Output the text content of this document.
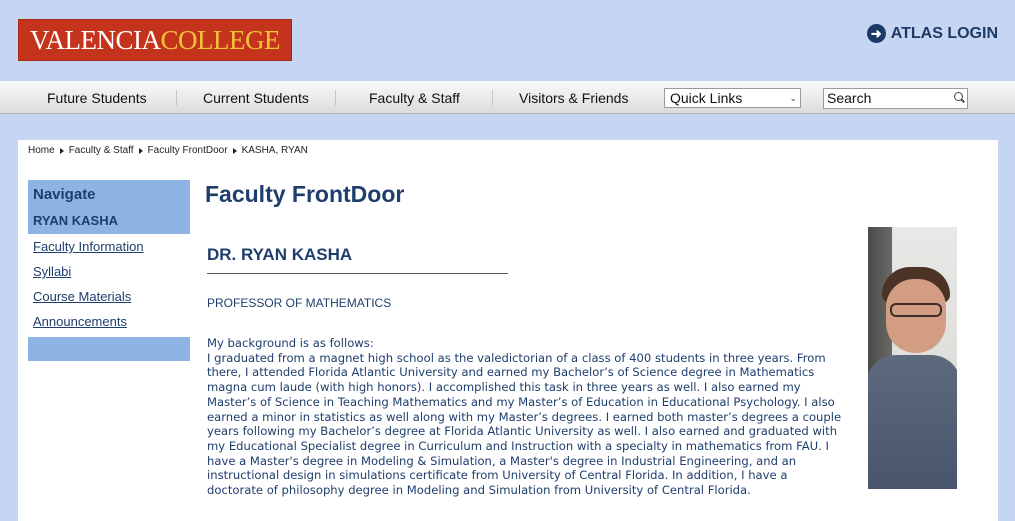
VALENCIA COLLEGE	➜ ATLAS LOGIN
Future Students	Current Students	Faculty & Staff	Visitors & Friends	Quick Links	⌄ Search
Home Faculty & Staff Faculty FrontDoor KASHA, RYAN
Navigate
RYAN KASHA
Faculty Information
Syllabi
Course Materials
Announcements
Faculty FrontDoor
DR. RYAN KASHA
PROFESSOR OF MATHEMATICS
My background is as follows:
I graduated from a magnet high school as the valedictorian of a class of 400 students in three years. From there, I attended Florida Atlantic University and earned my Bachelor’s of Science degree in Mathematics magna cum laude (with high honors). I accomplished this task in three years as well. I also earned my Master’s of Science in Teaching Mathematics and my Master’s of Education in Educational Psychology. I also earned a minor in statistics as well along with my Master’s degrees. I earned both master’s degrees a couple years following my Bachelor’s degree at Florida Atlantic University as well. I also earned and graduated with my Educational Specialist degree in Curriculum and Instruction with a specialty in mathematics from FAU. I have a Master's degree in Modeling & Simulation, a Master's degree in Industrial Engineering, and an instructional design in simulations certificate from University of Central Florida. In addition, I have a doctorate of philosophy degree in Modeling and Simulation from University of Central Florida.
